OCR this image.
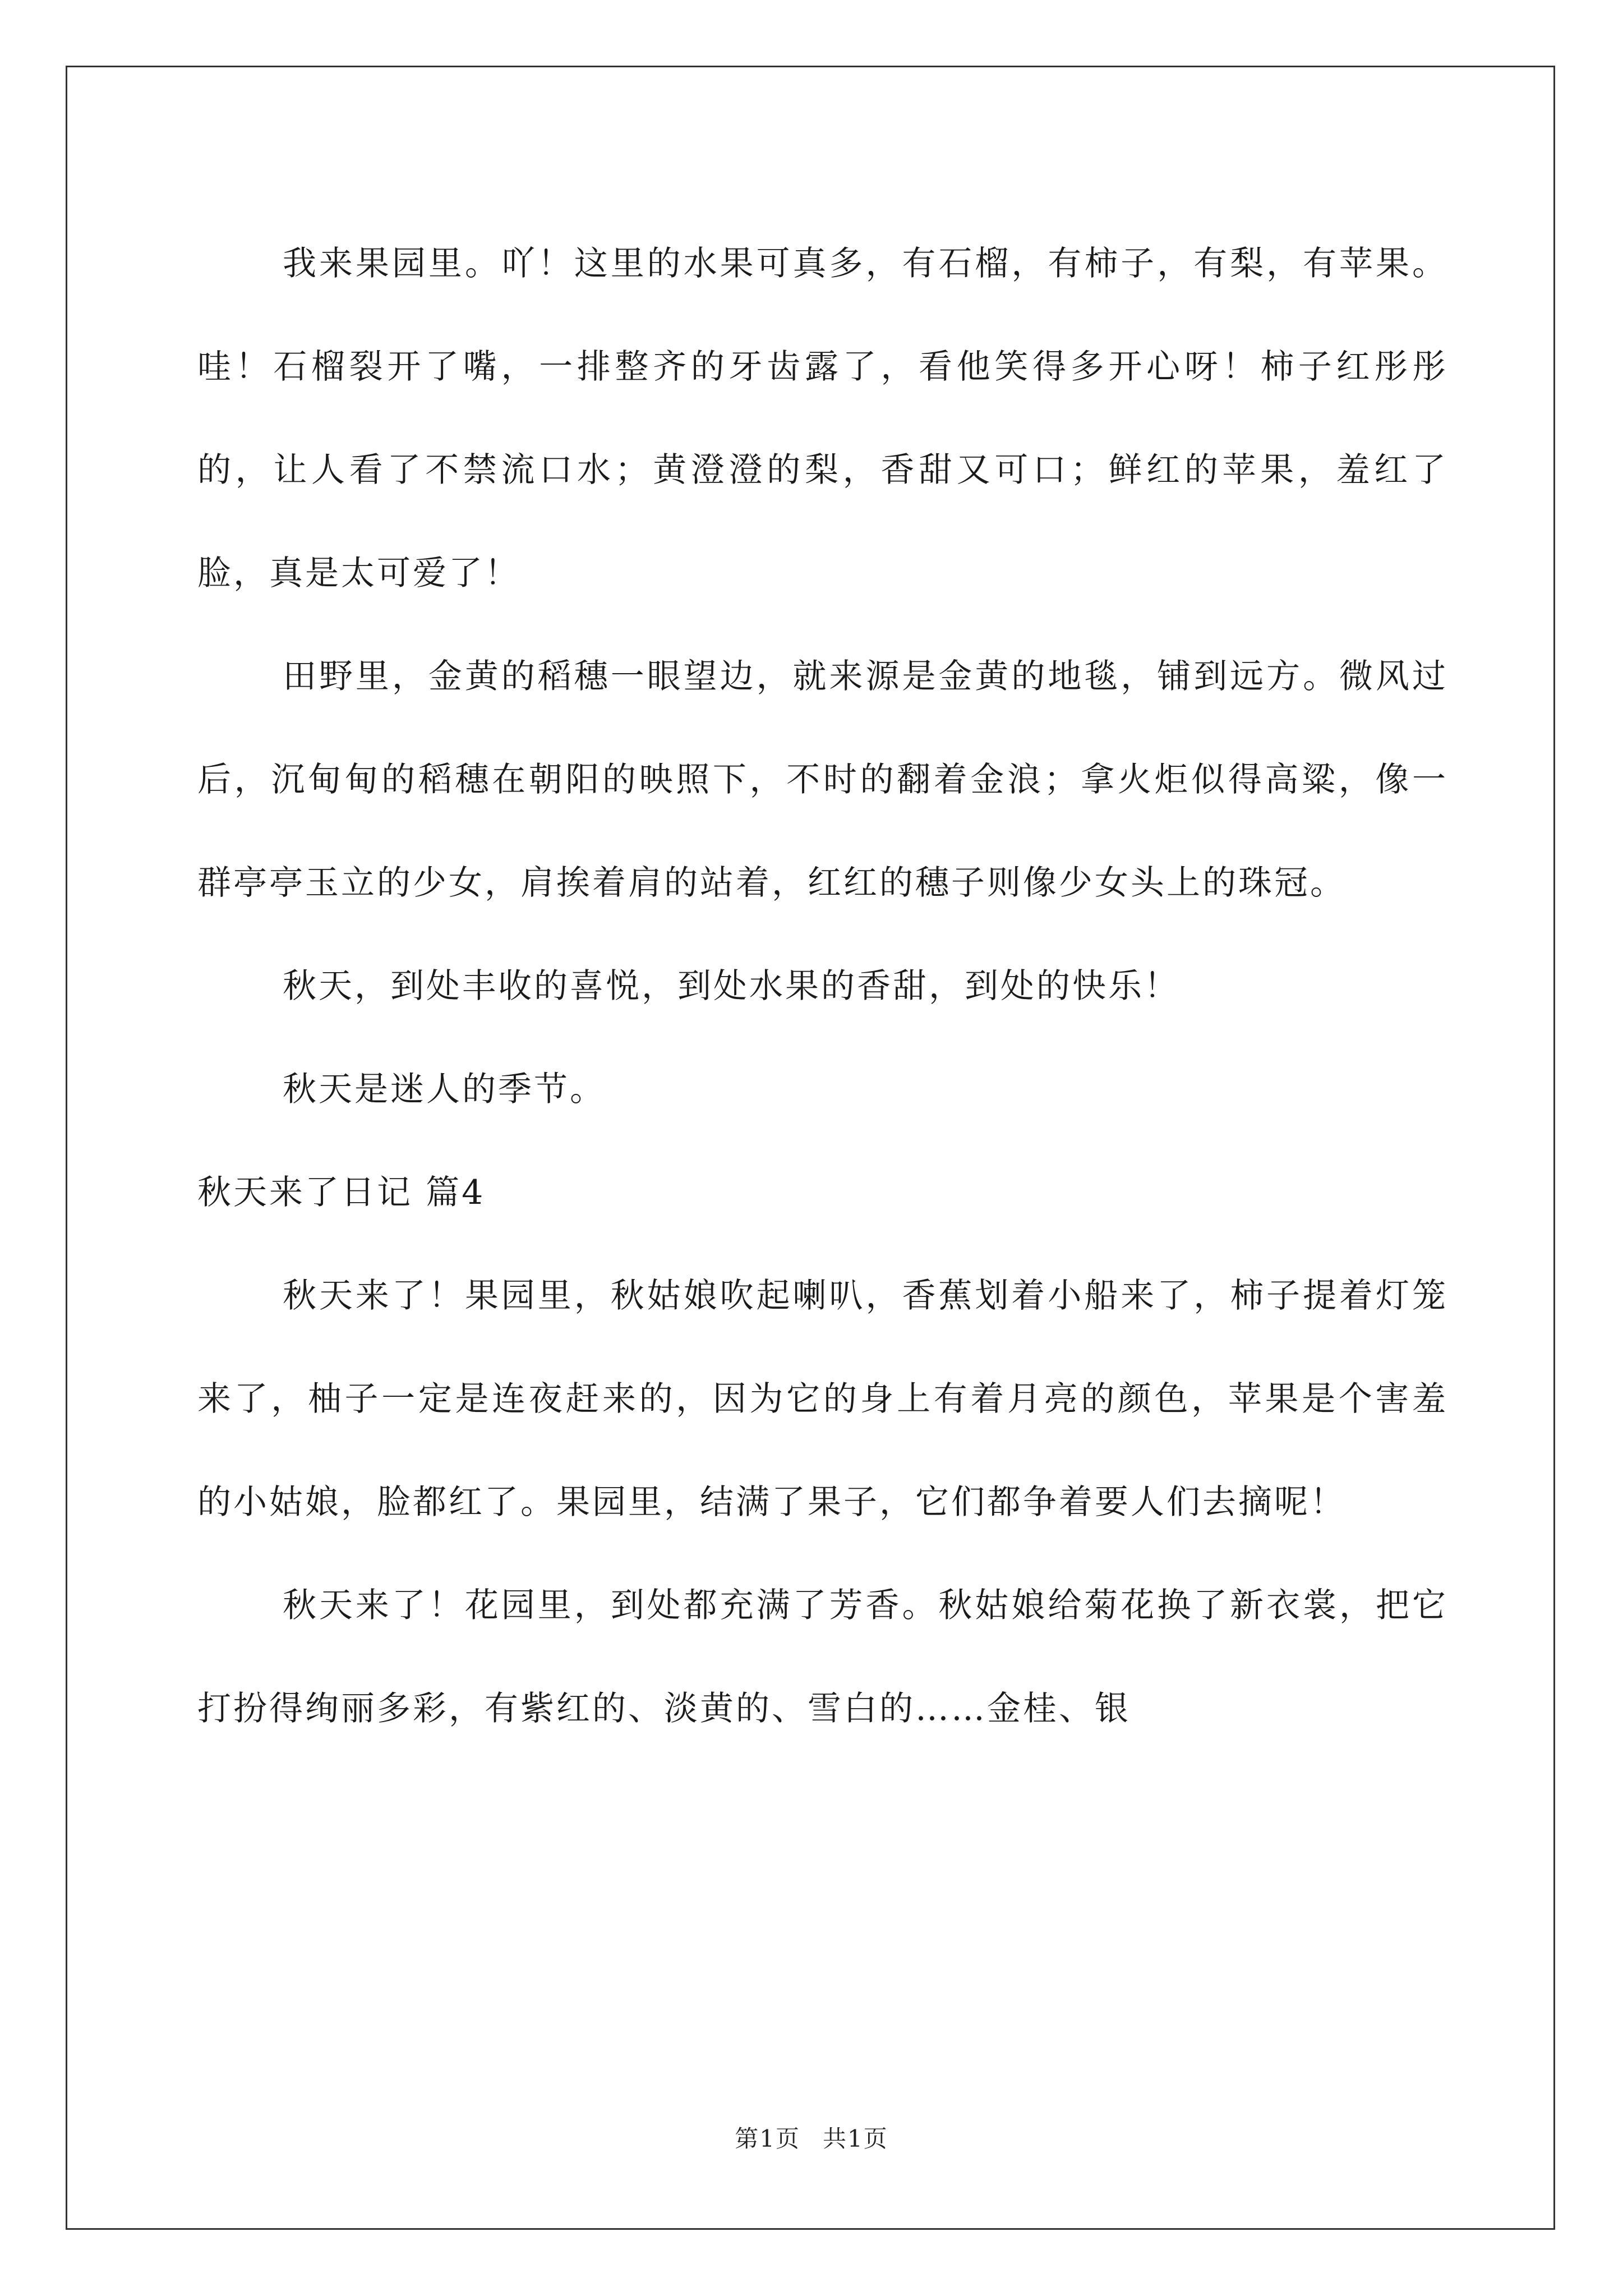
我来果园里。吖！这里的水果可真多，有石榴，有柿子，有梨，有苹果。哇！石榴裂开了嘴，一排整齐的牙齿露了，看他笑得多开心呀！柿子红彤彤的，让人看了不禁流口水；黄澄澄的梨，香甜又可口；鲜红的苹果，羞红了脸，真是太可爱了！

田野里，金黄的稻穗一眼望边，就来源是金黄的地毯，铺到远方。微风过后，沉甸甸的稻穗在朝阳的映照下，不时的翻着金浪；拿火炬似得高粱，像一群亭亭玉立的少女，肩挨着肩的站着，红红的穗子则像少女头上的珠冠。

秋天，到处丰收的喜悦，到处水果的香甜，到处的快乐！

秋天是迷人的季节。

秋天来了日记 篇4

秋天来了！果园里，秋姑娘吹起喇叭，香蕉划着小船来了，柿子提着灯笼来了，柚子一定是连夜赶来的，因为它的身上有着月亮的颜色，苹果是个害羞的小姑娘，脸都红了。果园里，结满了果子，它们都争着要人们去摘呢！

秋天来了！花园里，到处都充满了芳香。秋姑娘给菊花换了新衣裳，把它打扮得绚丽多彩，有紫红的、淡黄的、雪白的……金桂、银

第1页 共1页
